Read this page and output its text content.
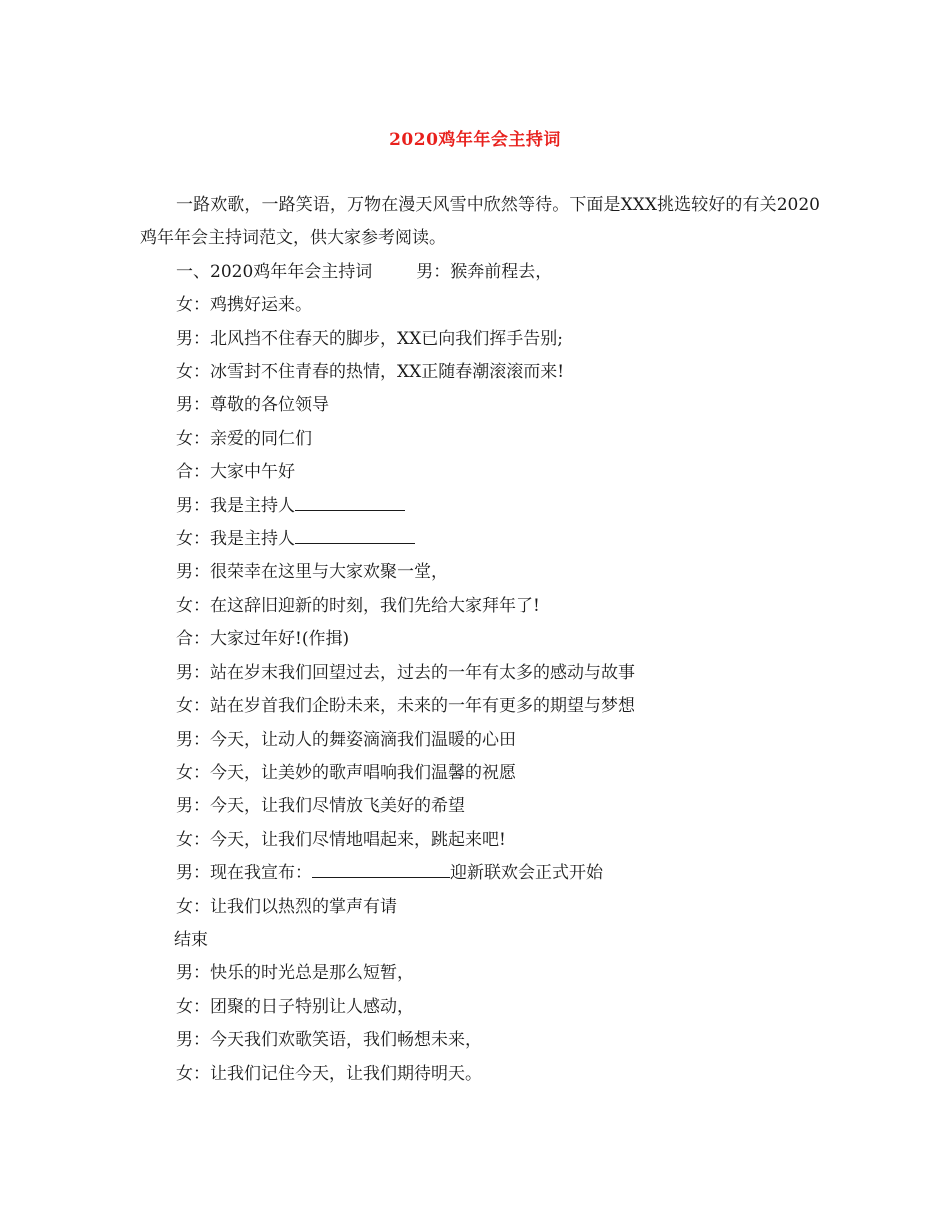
2020鸡年年会主持词

一路欢歌，一路笑语，万物在漫天风雪中欣然等待。下面是XXX挑选较好的有关2020鸡年年会主持词范文，供大家参考阅读。

一、2020鸡年年会主持词	男：猴奔前程去，

女：鸡携好运来。

男：北风挡不住春天的脚步，XX已向我们挥手告别;

女：冰雪封不住青春的热情，XX正随春潮滚滚而来!

男：尊敬的各位领导

女：亲爱的同仁们

合：大家中午好

男：我是主持人

女：我是主持人

男：很荣幸在这里与大家欢聚一堂，

女：在这辞旧迎新的时刻，我们先给大家拜年了!

合：大家过年好!(作揖)

男：站在岁末我们回望过去，过去的一年有太多的感动与故事

女：站在岁首我们企盼未来，未来的一年有更多的期望与梦想

男：今天，让动人的舞姿滴滴我们温暖的心田

女：今天，让美妙的歌声唱响我们温馨的祝愿

男：今天，让我们尽情放飞美好的希望

女：今天，让我们尽情地唱起来，跳起来吧!

男：现在我宣布：	迎新联欢会正式开始

女：让我们以热烈的掌声有请

结束

男：快乐的时光总是那么短暂，

女：团聚的日子特别让人感动，

男：今天我们欢歌笑语，我们畅想未来，

女：让我们记住今天，让我们期待明天。
